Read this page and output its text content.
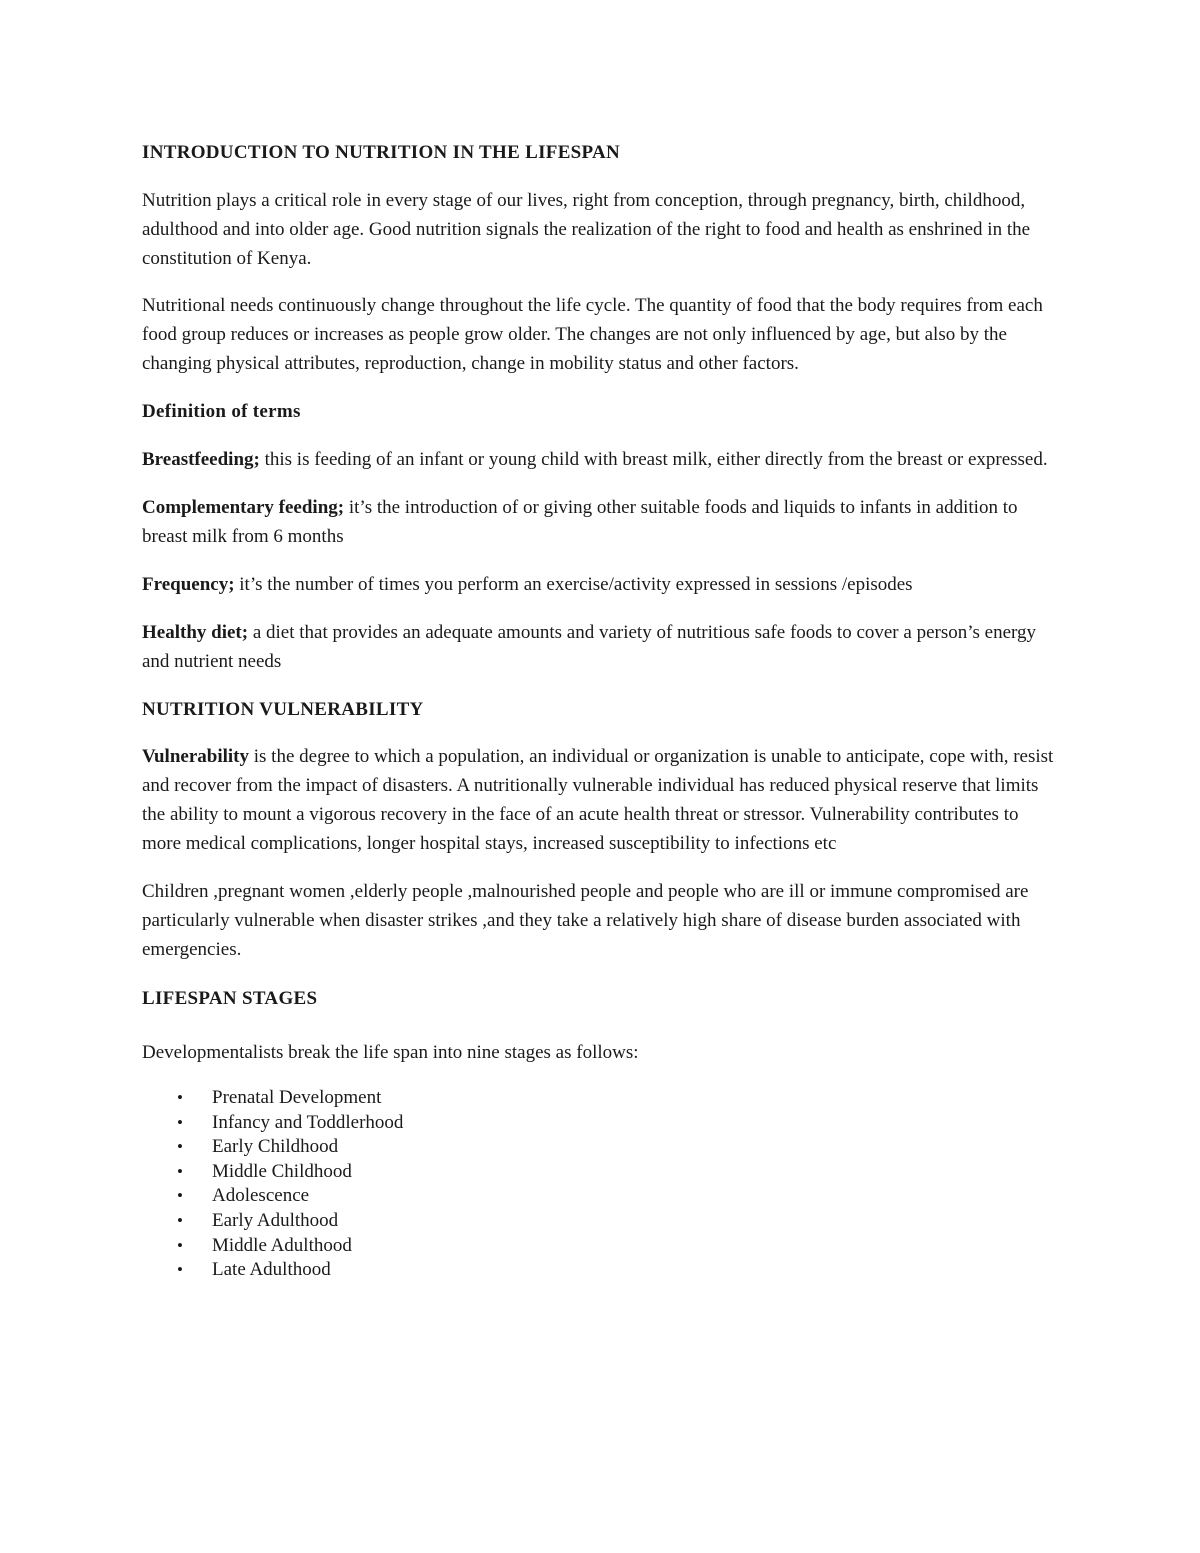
INTRODUCTION TO NUTRITION IN THE LIFESPAN

Nutrition plays a critical role in every stage of our lives, right from conception, through pregnancy, birth, childhood, adulthood and into older age. Good nutrition signals the realization of the right to food and health as enshrined in the constitution of Kenya.

Nutritional needs continuously change throughout the life cycle. The quantity of food that the body requires from each food group reduces or increases as people grow older. The changes are not only influenced by age, but also by the changing physical attributes, reproduction, change in mobility status and other factors.

Definition of terms

Breastfeeding; this is feeding of an infant or young child with breast milk, either directly from the breast or expressed.

Complementary feeding; it’s the introduction of or giving other suitable foods and liquids to infants in addition to breast milk from 6 months

Frequency; it’s the number of times you perform an exercise/activity expressed in sessions /episodes

Healthy diet; a diet that provides an adequate amounts and variety of nutritious safe foods to cover a person’s energy and nutrient needs

NUTRITION VULNERABILITY

Vulnerability is the degree to which a population, an individual or organization is unable to anticipate, cope with, resist and recover from the impact of disasters. A nutritionally vulnerable individual has reduced physical reserve that limits the ability to mount a vigorous recovery in the face of an acute health threat or stressor. Vulnerability contributes to more medical complications, longer hospital stays, increased susceptibility to infections etc

Children ,pregnant women ,elderly people ,malnourished people and people who are ill or immune compromised are particularly vulnerable when disaster strikes ,and they take a relatively high share of disease burden associated with emergencies.

LIFESPAN STAGES

Developmentalists break the life span into nine stages as follows:

• Prenatal Development
• Infancy and Toddlerhood
• Early Childhood
• Middle Childhood
• Adolescence
• Early Adulthood
• Middle Adulthood
• Late Adulthood
